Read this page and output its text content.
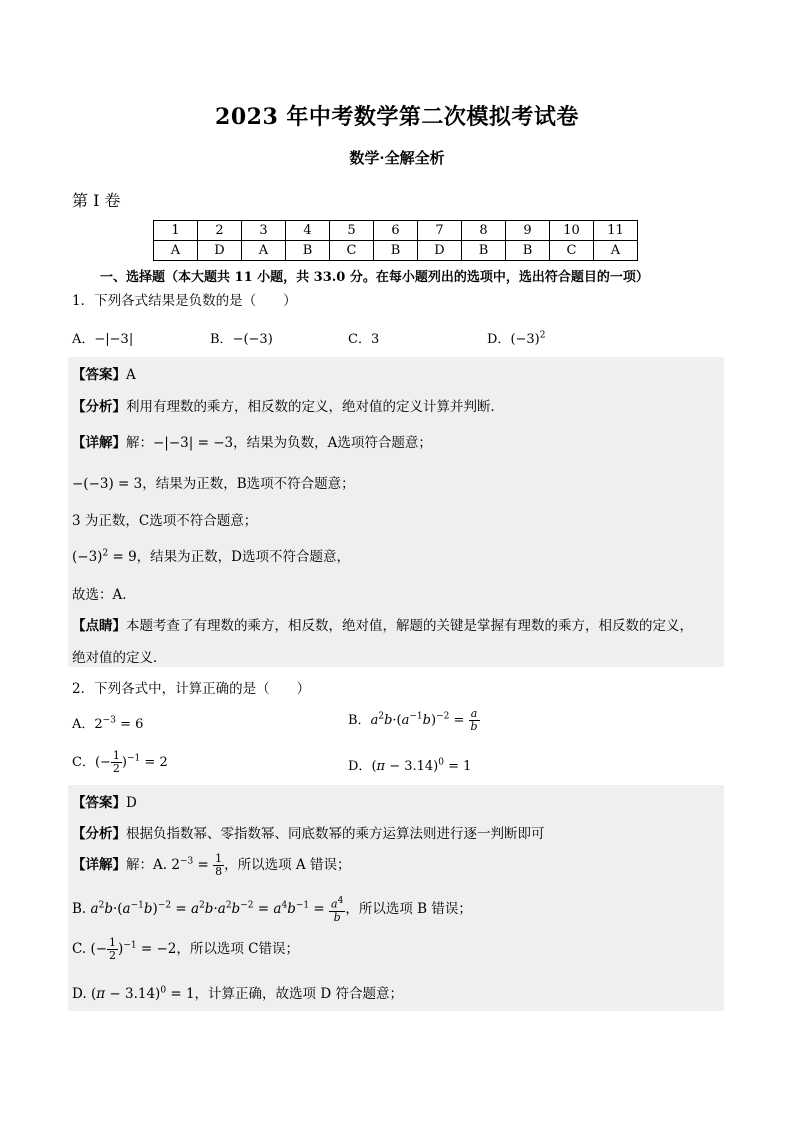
2023 年中考数学第二次模拟考试卷
数学·全解全析
第 I 卷
1	2	3	4	5	6	7	8	9	10	11
A	D	A	B	C	B	D	B	B	C	A
一、选择题（本大题共 11 小题，共 33.0 分。在每小题列出的选项中，选出符合题目的一项）
1．下列各式结果是负数的是（　　）
A．−|−3|	B．−(−3)	C．3	D．$(-3)^2$
【答案】A
【分析】利用有理数的乘方，相反数的定义，绝对值的定义计算并判断．
【详解】解：−|−3| = −3，结果为负数，A选项符合题意；
−(−3) = 3，结果为正数，B选项不符合题意；
3 为正数，C选项不符合题意；
$(-3)^2 = 9$，结果为正数，D选项不符合题意，
故选：A．
【点睛】本题考查了有理数的乘方，相反数，绝对值，解题的关键是掌握有理数的乘方，相反数的定义，
绝对值的定义．
2．下列各式中，计算正确的是（　　）
A．$2^{-3} = 6$	B．$a^2b\cdot(a^{-1}b)^{-2} = \frac{a}{b}$
C．(− $\frac{1}{2} )^{-1} = 2$	D．$(\pi - 3.14)^0 = 1$
【答案】D
【分析】根据负指数幂、零指数幂、同底数幂的乘方运算法则进行逐一判断即可
【详解】解：A. $2^{-3} = \frac{1}{8}$ ，所以选项 A 错误；
B. $a^2b\cdot(a^{-1}b)^{-2} = a^2b\cdot a^2b^{-2} = a^4b^{-1} = \frac{a^4}{b}$ ，所以选项 B 错误；
C. (− $\frac{1}{2} )^{-1} = -2$，所以选项 C错误；
D. $(\pi - 3.14)^0 = 1$，计算正确，故选项 D 符合题意；
